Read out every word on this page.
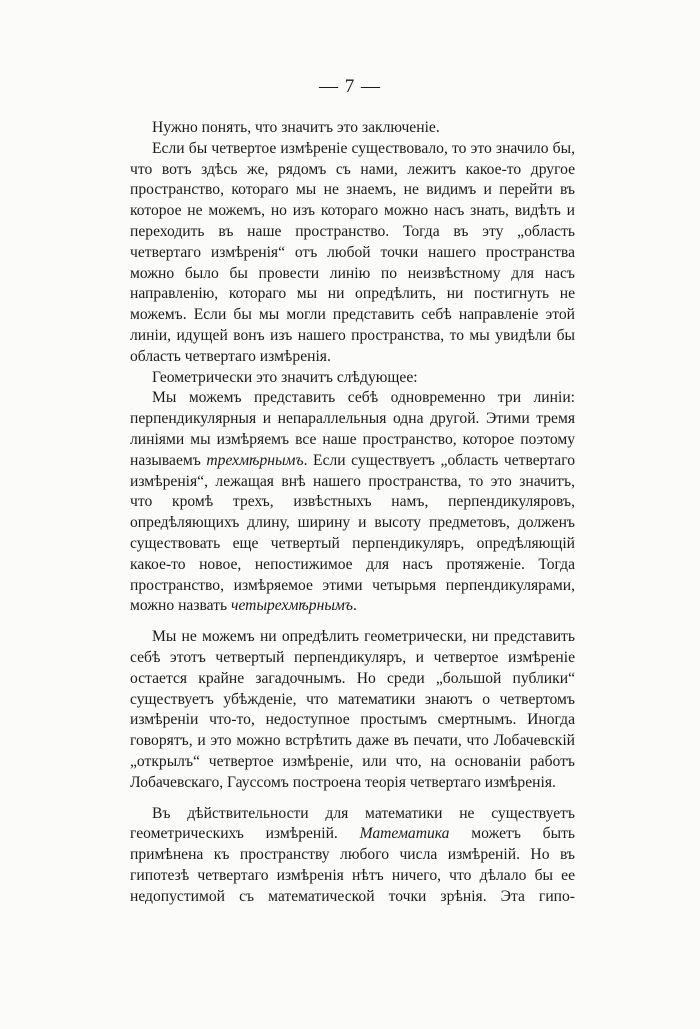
— 7 —

Нужно понять, что значитъ это заключеніе.

Если бы четвертое измѣреніе существовало, то это значило бы, что вотъ здѣсь же, рядомъ съ нами, лежитъ какое-то другое пространство, котораго мы не знаемъ, не видимъ и перейти въ которое не можемъ, но изъ котораго можно насъ знать, видѣть и переходить въ наше пространство. Тогда въ эту „область четвертаго измѣренія“ отъ любой точки нашего пространства можно было бы провести линію по неизвѣстному для насъ направленію, котораго мы ни опредѣлить, ни постигнуть не можемъ. Если бы мы могли представить себѣ направленіе этой линіи, идущей вонъ изъ нашего пространства, то мы увидѣли бы область четвертаго измѣренія.

Геометрически это значитъ слѣдующее:

Мы можемъ представить себѣ одновременно три линіи: перпендикулярныя и непараллельныя одна другой. Этими тремя линіями мы измѣряемъ все наше пространство, которое поэтому называемъ трехмѣрнымъ. Если существуетъ „область четвертаго измѣренія“, лежащая внѣ нашего пространства, то это значитъ, что кромѣ трехъ, извѣстныхъ намъ, перпендикуляровъ, опредѣляющихъ длину, ширину и высоту предметовъ, долженъ существовать еще четвертый перпендикуляръ, опредѣляющій какое-то новое, непостижимое для насъ протяженіе. Тогда пространство, измѣряемое этими четырьмя перпендикулярами, можно назвать четырехмѣрнымъ.

Мы не можемъ ни опредѣлить геометрически, ни представить себѣ этотъ четвертый перпендикуляръ, и четвертое измѣреніе остается крайне загадочнымъ. Но среди „большой публики“ существуетъ убѣжденіе, что математики знаютъ о четвертомъ измѣреніи что-то, недоступное простымъ смертнымъ. Иногда говорятъ, и это можно встрѣтить даже въ печати, что Лобачевскій „открылъ“ четвертое измѣреніе, или что, на основаніи работъ Лобачевскаго, Гауссомъ построена теорія четвертаго измѣренія.

Въ дѣйствительности для математики не существуетъ геометрическихъ измѣреній. Математика можетъ быть примѣнена къ пространству любого числа измѣреній. Но въ гипотезѣ четвертаго измѣренія нѣтъ ничего, что дѣлало бы ее недопустимой съ математической точки зрѣнія. Эта гипо-
